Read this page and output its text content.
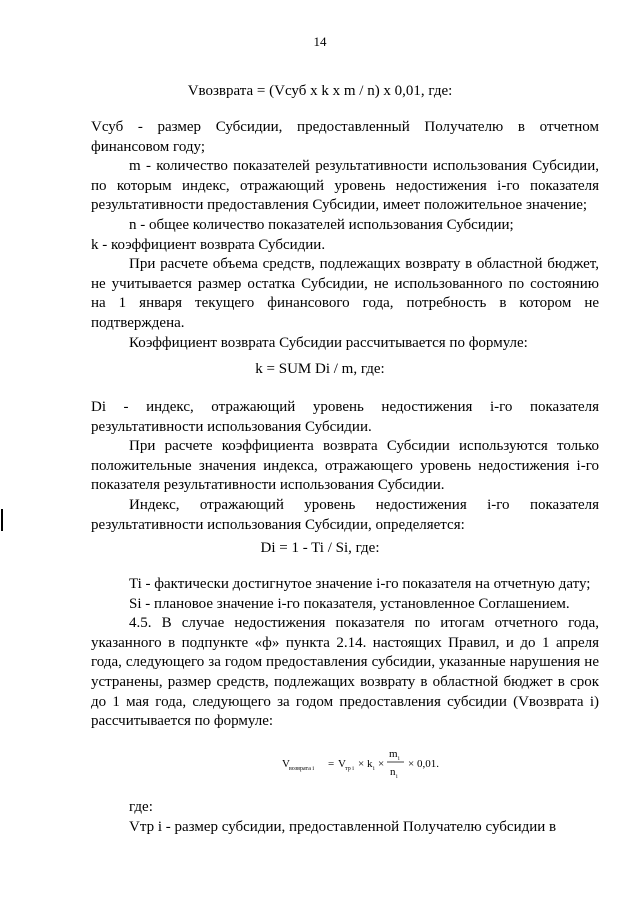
14
Vвозврата = (Vсуб x k x m / n) x 0,01, где:

Vсуб - размер Субсидии, предоставленный Получателю в отчетном финансовом году;

m - количество показателей результативности использования Субсидии, по которым индекс, отражающий уровень недостижения i-го показателя результативности предоставления Субсидии, имеет положительное значение;

n - общее количество показателей использования Субсидии;

k - коэффициент возврата Субсидии.

При расчете объема средств, подлежащих возврату в областной бюджет, не учитывается размер остатка Субсидии, не использованного по состоянию на 1 января текущего финансового года, потребность в котором не подтверждена.

Коэффициент возврата Субсидии рассчитывается по формуле:

k = SUM Di / m, где:

Di - индекс, отражающий уровень недостижения i-го показателя результативности использования Субсидии.

При расчете коэффициента возврата Субсидии используются только положительные значения индекса, отражающего уровень недостижения i-го показателя результативности использования Субсидии.

Индекс, отражающий уровень недостижения i-го показателя результативности использования Субсидии, определяется:

Di = 1 - Ti / Si, где:

Ti - фактически достигнутое значение i-го показателя на отчетную дату;

Si - плановое значение i-го показателя, установленное Соглашением.

4.5. В случае недостижения показателя по итогам отчетного года, указанного в подпункте «ф» пункта 2.14. настоящих Правил, и до 1 апреля года, следующего за годом предоставления субсидии, указанные нарушения не устранены, размер средств, подлежащих возврату в областной бюджет в срок до 1 мая года, следующего за годом предоставления субсидии (Vвозврата i) рассчитывается по формуле:

V возврата i = V тр i × k i ×
m i
n i
× 0,01.

где:

Vтр i - размер субсидии, предоставленной Получателю субсидии в
